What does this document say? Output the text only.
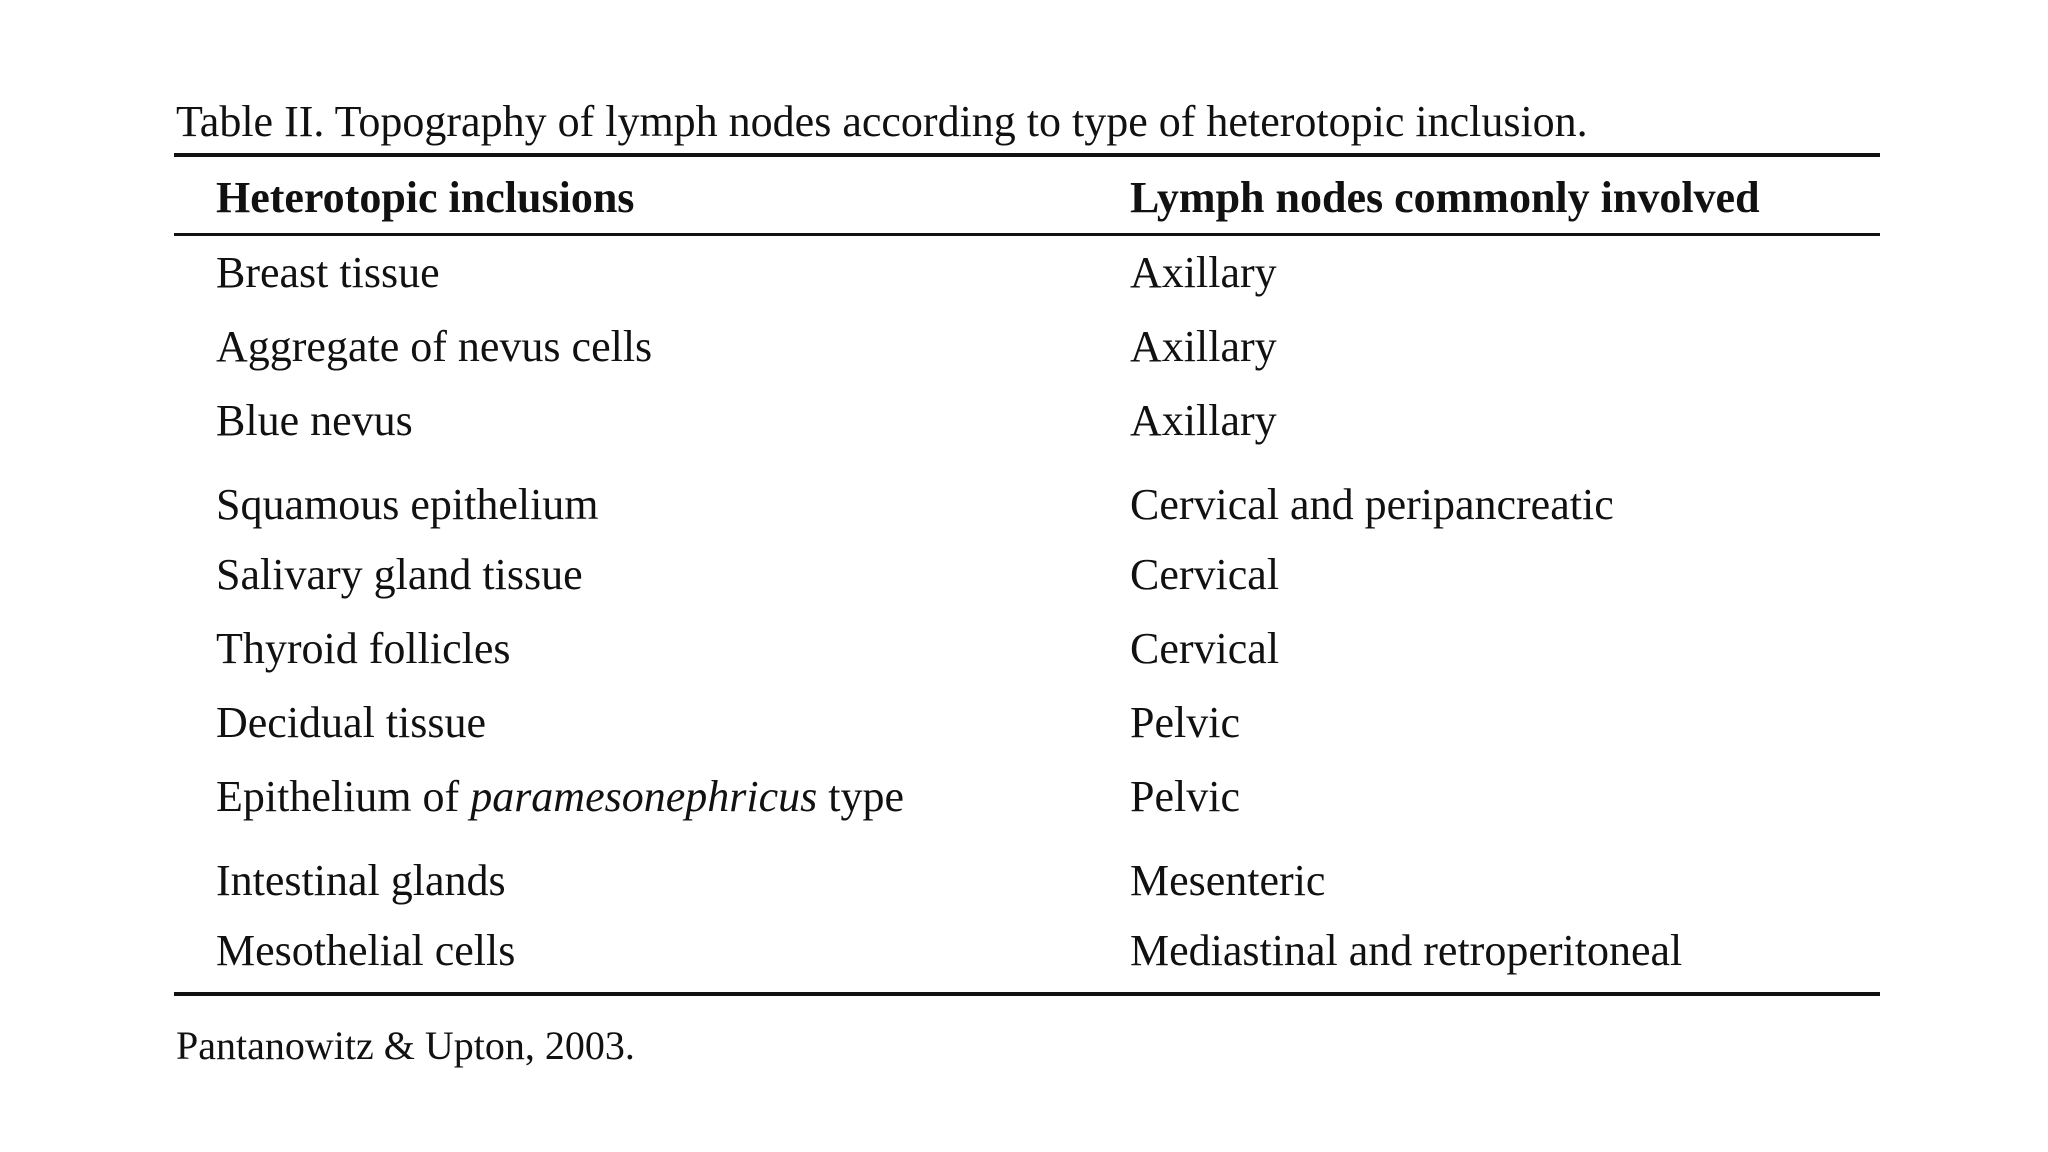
Table II. Topography of lymph nodes according to type of heterotopic inclusion.
Heterotopic inclusions	Lymph nodes commonly involved
Breast tissue	Axillary
Aggregate of nevus cells	Axillary
Blue nevus	Axillary
Squamous epithelium	Cervical and peripancreatic
Salivary gland tissue	Cervical
Thyroid follicles	Cervical
Decidual tissue	Pelvic
Epithelium of paramesonephricus type	Pelvic
Intestinal glands	Mesenteric
Mesothelial cells	Mediastinal and retroperitoneal
Pantanowitz & Upton, 2003.
